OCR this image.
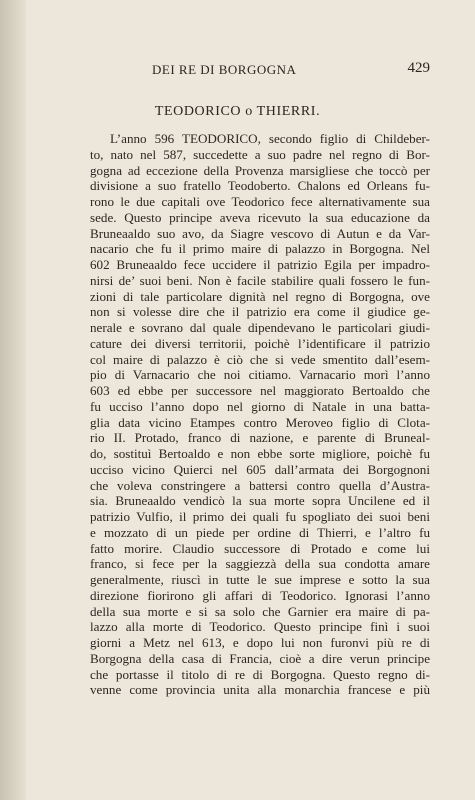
DEI RE DI BORGOGNA	429
TEODORICO o THIERRI.
L’anno 596 TEODORICO, secondo figlio di Childeber-
to, nato nel 587, succedette a suo padre nel regno di Bor-
gogna ad eccezione della Provenza marsigliese che toccò per
divisione a suo fratello Teodoberto. Chalons ed Orleans fu-
rono le due capitali ove Teodorico fece alternativamente sua
sede. Questo principe aveva ricevuto la sua educazione da
Bruneaaldo suo avo, da Siagre vescovo di Autun e da Var-
nacario che fu il primo maire di palazzo in Borgogna. Nel
602 Bruneaaldo fece uccidere il patrizio Egila per impadro-
nirsi de’ suoi beni. Non è facile stabilire quali fossero le fun-
zioni di tale particolare dignità nel regno di Borgogna, ove
non si volesse dire che il patrizio era come il giudice ge-
nerale e sovrano dal quale dipendevano le particolari giudi-
cature dei diversi territorii, poichè l’identificare il patrizio
col maire di palazzo è ciò che si vede smentito dall’esem-
pio di Varnacario che noi citiamo. Varnacario morì l’anno
603 ed ebbe per successore nel maggiorato Bertoaldo che
fu ucciso l’anno dopo nel giorno di Natale in una batta-
glia data vicino Etampes contro Meroveo figlio di Clota-
rio II. Protado, franco di nazione, e parente di Bruneal-
do, sostituì Bertoaldo e non ebbe sorte migliore, poichè fu
ucciso vicino Quierci nel 605 dall’armata dei Borgognoni
che voleva constringere a battersi contro quella d’Austra-
sia. Bruneaaldo vendicò la sua morte sopra Uncilene ed il
patrizio Vulfio, il primo dei quali fu spogliato dei suoi beni
e mozzato di un piede per ordine di Thierri, e l’altro fu
fatto morire. Claudio successore di Protado e come lui
franco, si fece per la saggiezzà della sua condotta amare
generalmente, riuscì in tutte le sue imprese e sotto la sua
direzione fiorirono gli affari di Teodorico. Ignorasi l’anno
della sua morte e si sa solo che Garnier era maire di pa-
lazzo alla morte di Teodorico. Questo principe finì i suoi
giorni a Metz nel 613, e dopo lui non furonvi più re di
Borgogna della casa di Francia, cioè a dire verun principe
che portasse il titolo di re di Borgogna. Questo regno di-
venne come provincia unita alla monarchia francese e più
